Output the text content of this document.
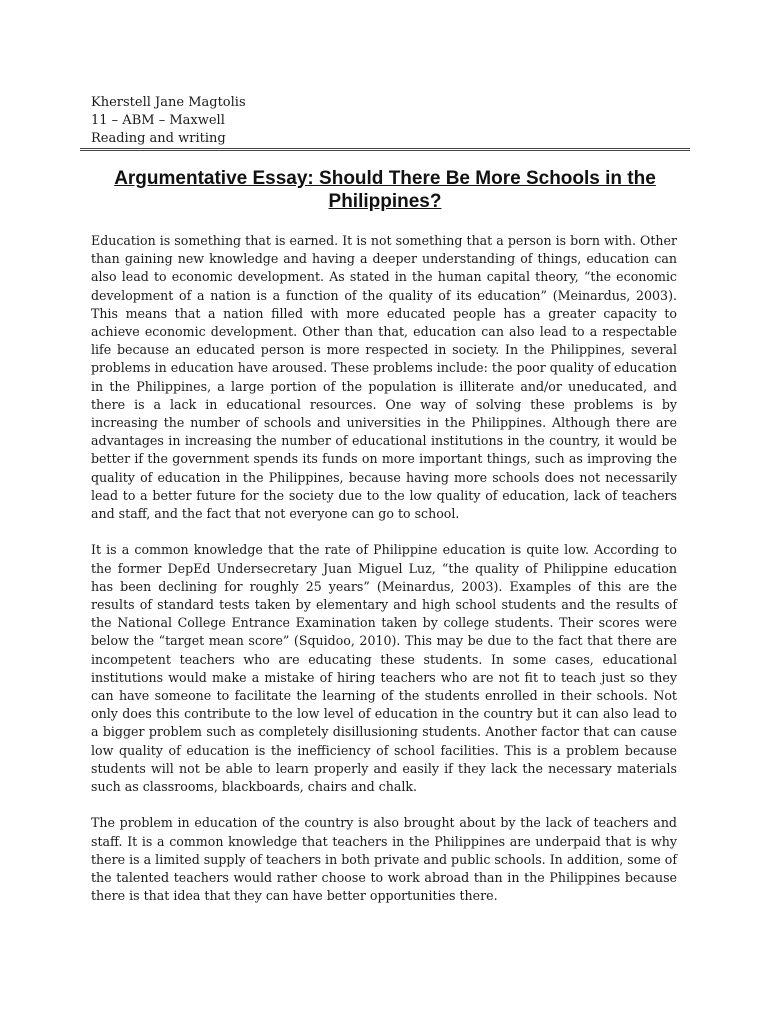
Kherstell Jane Magtolis
11 – ABM – Maxwell
Reading and writing
Argumentative Essay: Should There Be More Schools in the Philippines?

Education is something that is earned. It is not something that a person is born with. Other than gaining new knowledge and having a deeper understanding of things, education can also lead to economic development. As stated in the human capital theory, “the economic development of a nation is a function of the quality of its education” (Meinardus, 2003). This means that a nation filled with more educated people has a greater capacity to achieve economic development. Other than that, education can also lead to a respectable life because an educated person is more respected in society. In the Philippines, several problems in education have aroused. These problems include: the poor quality of education in the Philippines, a large portion of the population is illiterate and/or uneducated, and there is a lack in educational resources. One way of solving these problems is by increasing the number of schools and universities in the Philippines. Although there are advantages in increasing the number of educational institutions in the country, it would be better if the government spends its funds on more important things, such as improving the quality of education in the Philippines, because having more schools does not necessarily lead to a better future for the society due to the low quality of education, lack of teachers and staff, and the fact that not everyone can go to school.

It is a common knowledge that the rate of Philippine education is quite low. According to the former DepEd Undersecretary Juan Miguel Luz, “the quality of Philippine education has been declining for roughly 25 years” (Meinardus, 2003). Examples of this are the results of standard tests taken by elementary and high school students and the results of the National College Entrance Examination taken by college students. Their scores were below the “target mean score” (Squidoo, 2010). This may be due to the fact that there are incompetent teachers who are educating these students. In some cases, educational institutions would make a mistake of hiring teachers who are not fit to teach just so they can have someone to facilitate the learning of the students enrolled in their schools. Not only does this contribute to the low level of education in the country but it can also lead to a bigger problem such as completely disillusioning students. Another factor that can cause low quality of education is the inefficiency of school facilities. This is a problem because students will not be able to learn properly and easily if they lack the necessary materials such as classrooms, blackboards, chairs and chalk.

The problem in education of the country is also brought about by the lack of teachers and staff. It is a common knowledge that teachers in the Philippines are underpaid that is why there is a limited supply of teachers in both private and public schools. In addition, some of the talented teachers would rather choose to work abroad than in the Philippines because there is that idea that they can have better opportunities there.
